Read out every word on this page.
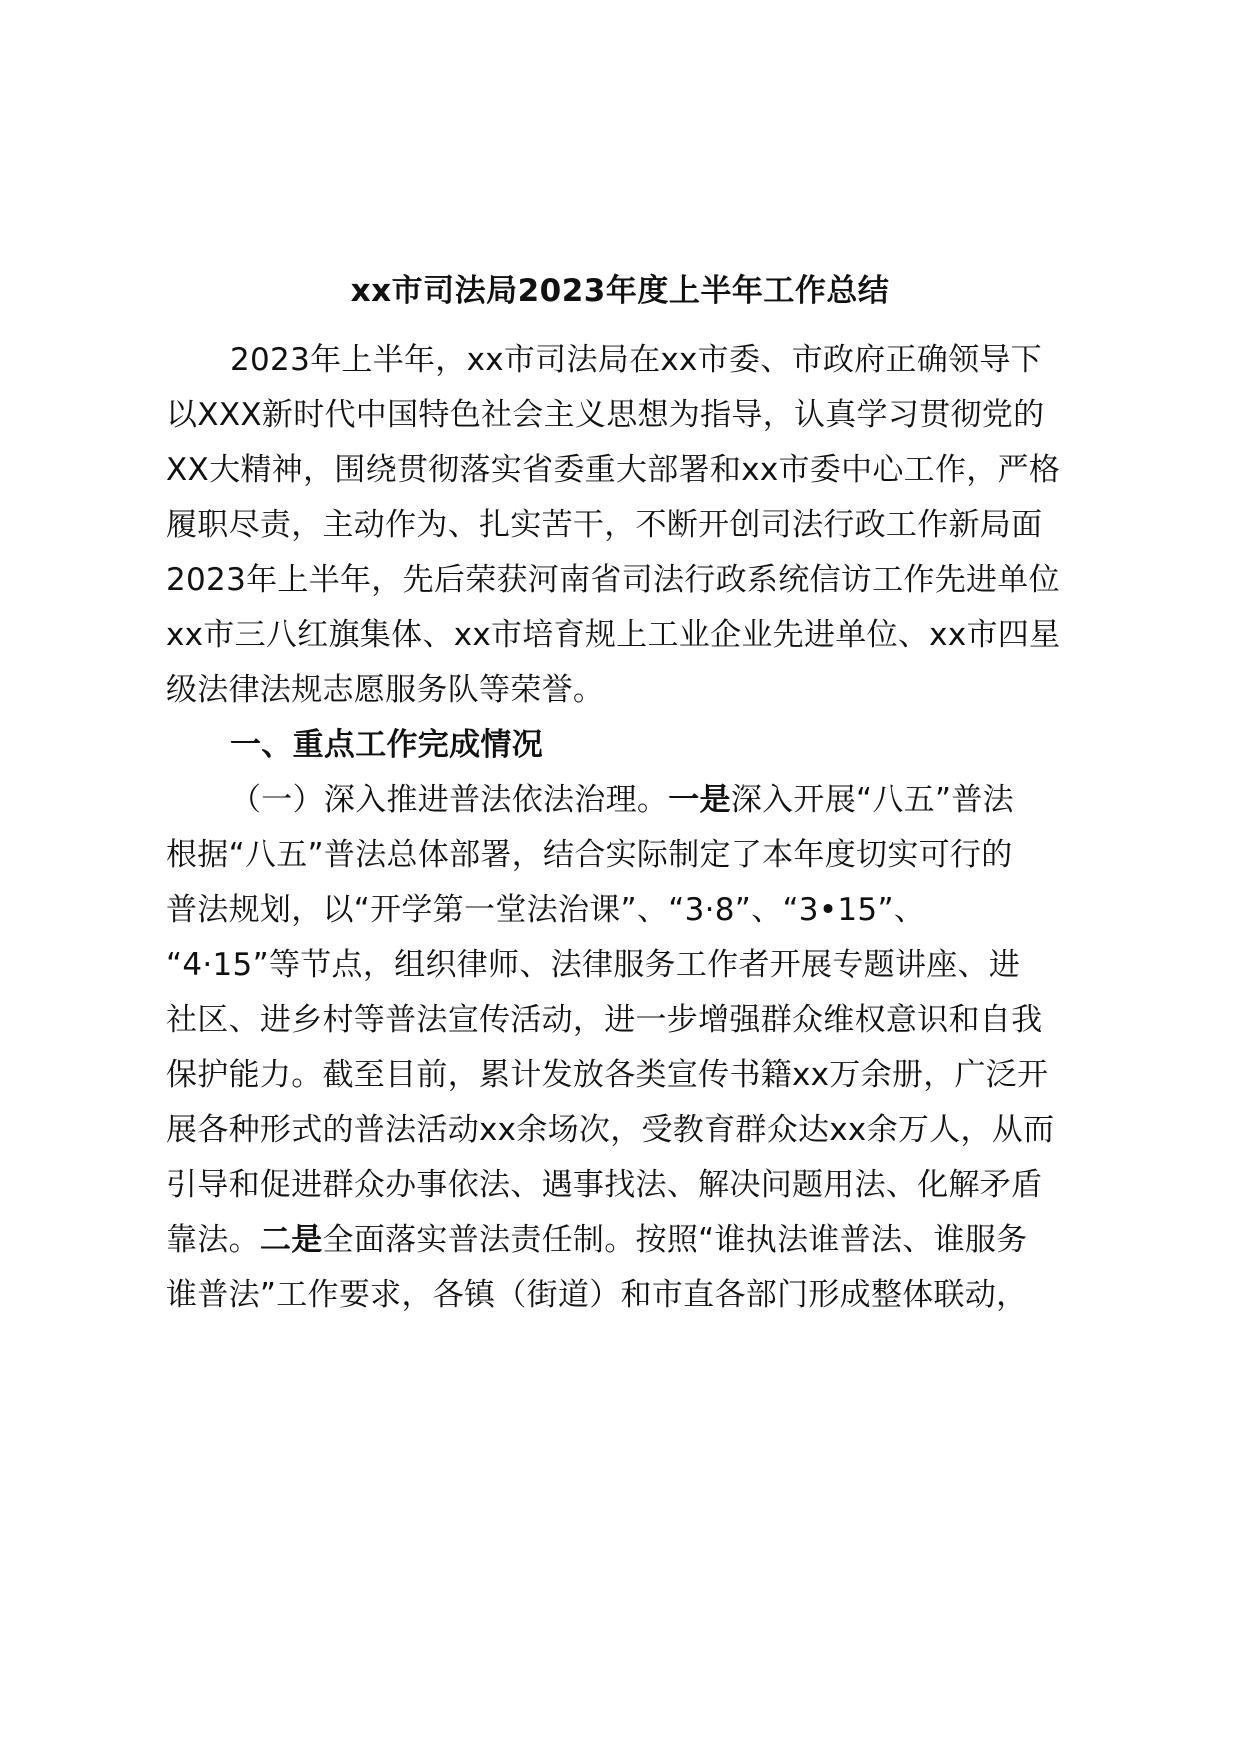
xx市司法局2023年度上半年工作总结
2023年上半年，xx市司法局在xx市委、市政府正确领导下
以XXX新时代中国特色社会主义思想为指导，认真学习贯彻党的
XX大精神，围绕贯彻落实省委重大部署和xx市委中心工作，严格
履职尽责，主动作为、扎实苦干，不断开创司法行政工作新局面
2023年上半年，先后荣获河南省司法行政系统信访工作先进单位
xx市三八红旗集体、xx市培育规上工业企业先进单位、xx市四星
级法律法规志愿服务队等荣誉。
一、重点工作完成情况
（一）深入推进普法依法治理。一是深入开展“八五”普法
根据“八五”普法总体部署，结合实际制定了本年度切实可行的
普法规划，以“开学第一堂法治课”、“3·8”、“3•15”、
“4·15”等节点，组织律师、法律服务工作者开展专题讲座、进
社区、进乡村等普法宣传活动，进一步增强群众维权意识和自我
保护能力。截至目前，累计发放各类宣传书籍xx万余册，广泛开
展各种形式的普法活动xx余场次，受教育群众达xx余万人，从而
引导和促进群众办事依法、遇事找法、解决问题用法、化解矛盾
靠法。二是全面落实普法责任制。按照“谁执法谁普法、谁服务
谁普法”工作要求，各镇（街道）和市直各部门形成整体联动，
